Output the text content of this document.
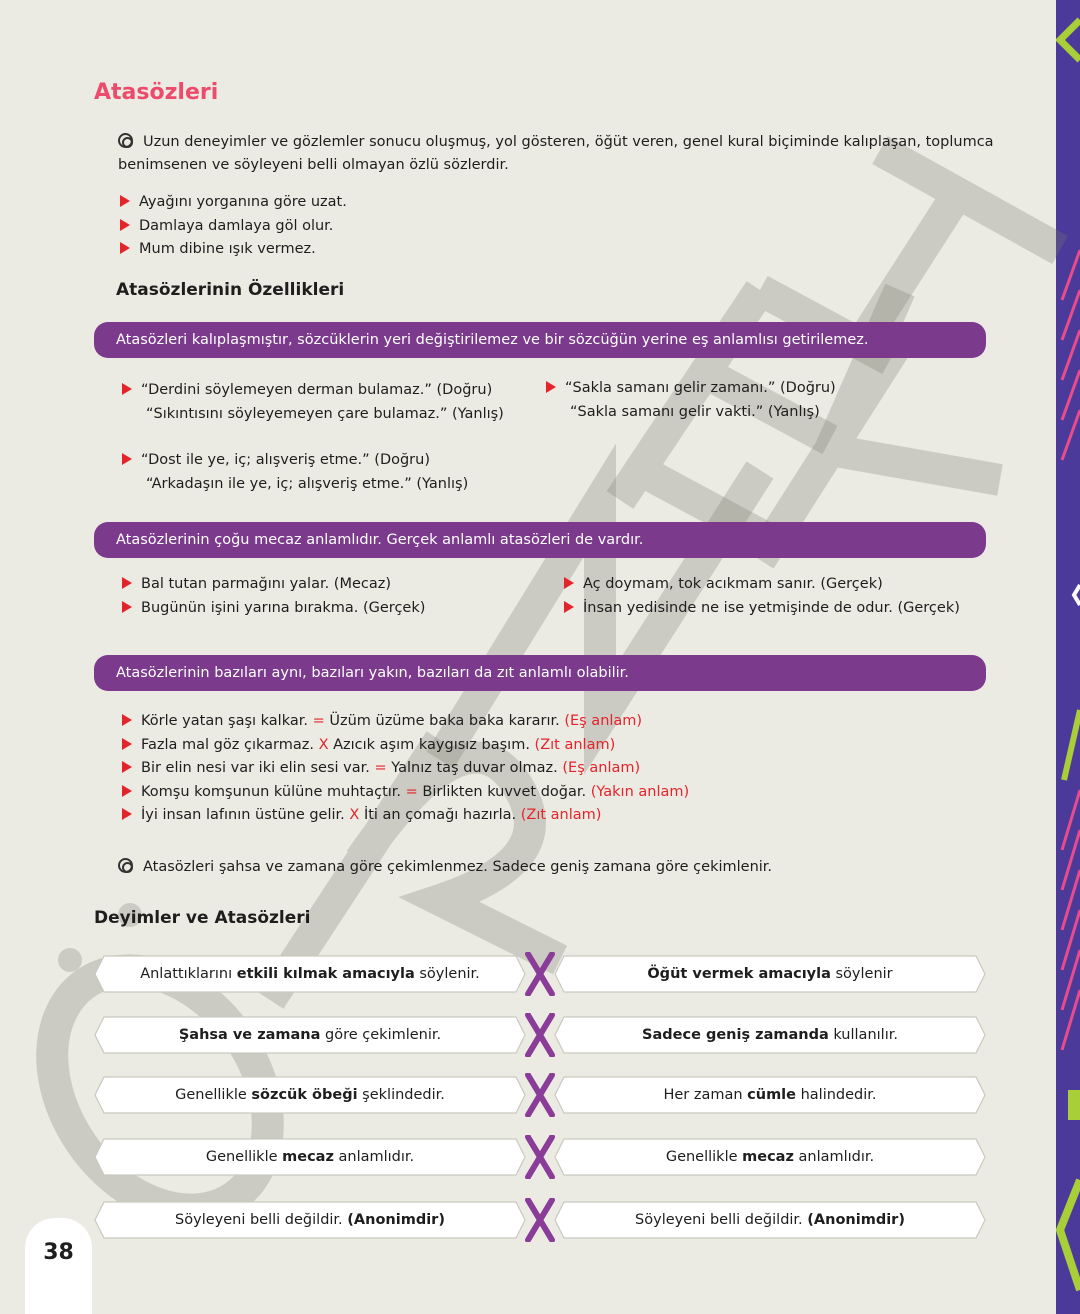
Atasözleri

Uzun deneyimler ve gözlemler sonucu oluşmuş, yol gösteren, öğüt veren, genel kural biçiminde kalıplaşan, toplumca benimsenen ve söyleyeni belli olmayan özlü sözlerdir.

Ayağını yorganına göre uzat.
Damlaya damlaya göl olur.
Mum dibine ışık vermez.
Atasözlerinin Özellikleri
Atasözleri kalıplaşmıştır, sözcüklerin yeri değiştirilemez ve bir sözcüğün yerine eş anlamlısı getirilemez.
“Derdini söylemeyen derman bulamaz.” (Doğru)
“Sıkıntısını söyleyemeyen çare bulamaz.” (Yanlış)
“Sakla samanı gelir zamanı.” (Doğru)
“Sakla samanı gelir vakti.” (Yanlış)
“Dost ile ye, iç; alışveriş etme.” (Doğru)
“Arkadaşın ile ye, iç; alışveriş etme.” (Yanlış)
Atasözlerinin çoğu mecaz anlamlıdır. Gerçek anlamlı atasözleri de vardır.
Bal tutan parmağını yalar. (Mecaz)
Bugünün işini yarına bırakma. (Gerçek)
Aç doymam, tok acıkmam sanır. (Gerçek)
İnsan yedisinde ne ise yetmişinde de odur. (Gerçek)
Atasözlerinin bazıları aynı, bazıları yakın, bazıları da zıt anlamlı olabilir.
Körle yatan şaşı kalkar. = Üzüm üzüme baka baka kararır. (Eş anlam)
Fazla mal göz çıkarmaz. X Azıcık aşım kaygısız başım. (Zıt anlam)
Bir elin nesi var iki elin sesi var. = Yalnız taş duvar olmaz. (Eş anlam)
Komşu komşunun külüne muhtaçtır. = Birlikten kuvvet doğar. (Yakın anlam)
İyi insan lafının üstüne gelir. X İti an çomağı hazırla. (Zıt anlam)
Atasözleri şahsa ve zamana göre çekimlenmez. Sadece geniş zamana göre çekimlenir.
Deyimler ve Atasözleri
Anlattıklarını etkili kılmak amacıyla söylenir.	Öğüt vermek amacıyla söylenir
Şahsa ve zamana göre çekimlenir.	Sadece geniş zamanda kullanılır.
Genellikle sözcük öbeği şeklindedir.	Her zaman cümle halindedir.
Genellikle mecaz anlamlıdır.	Genellikle mecaz anlamlıdır.
Söyleyeni belli değildir. (Anonimdir)	Söyleyeni belli değildir. (Anonimdir)
38
